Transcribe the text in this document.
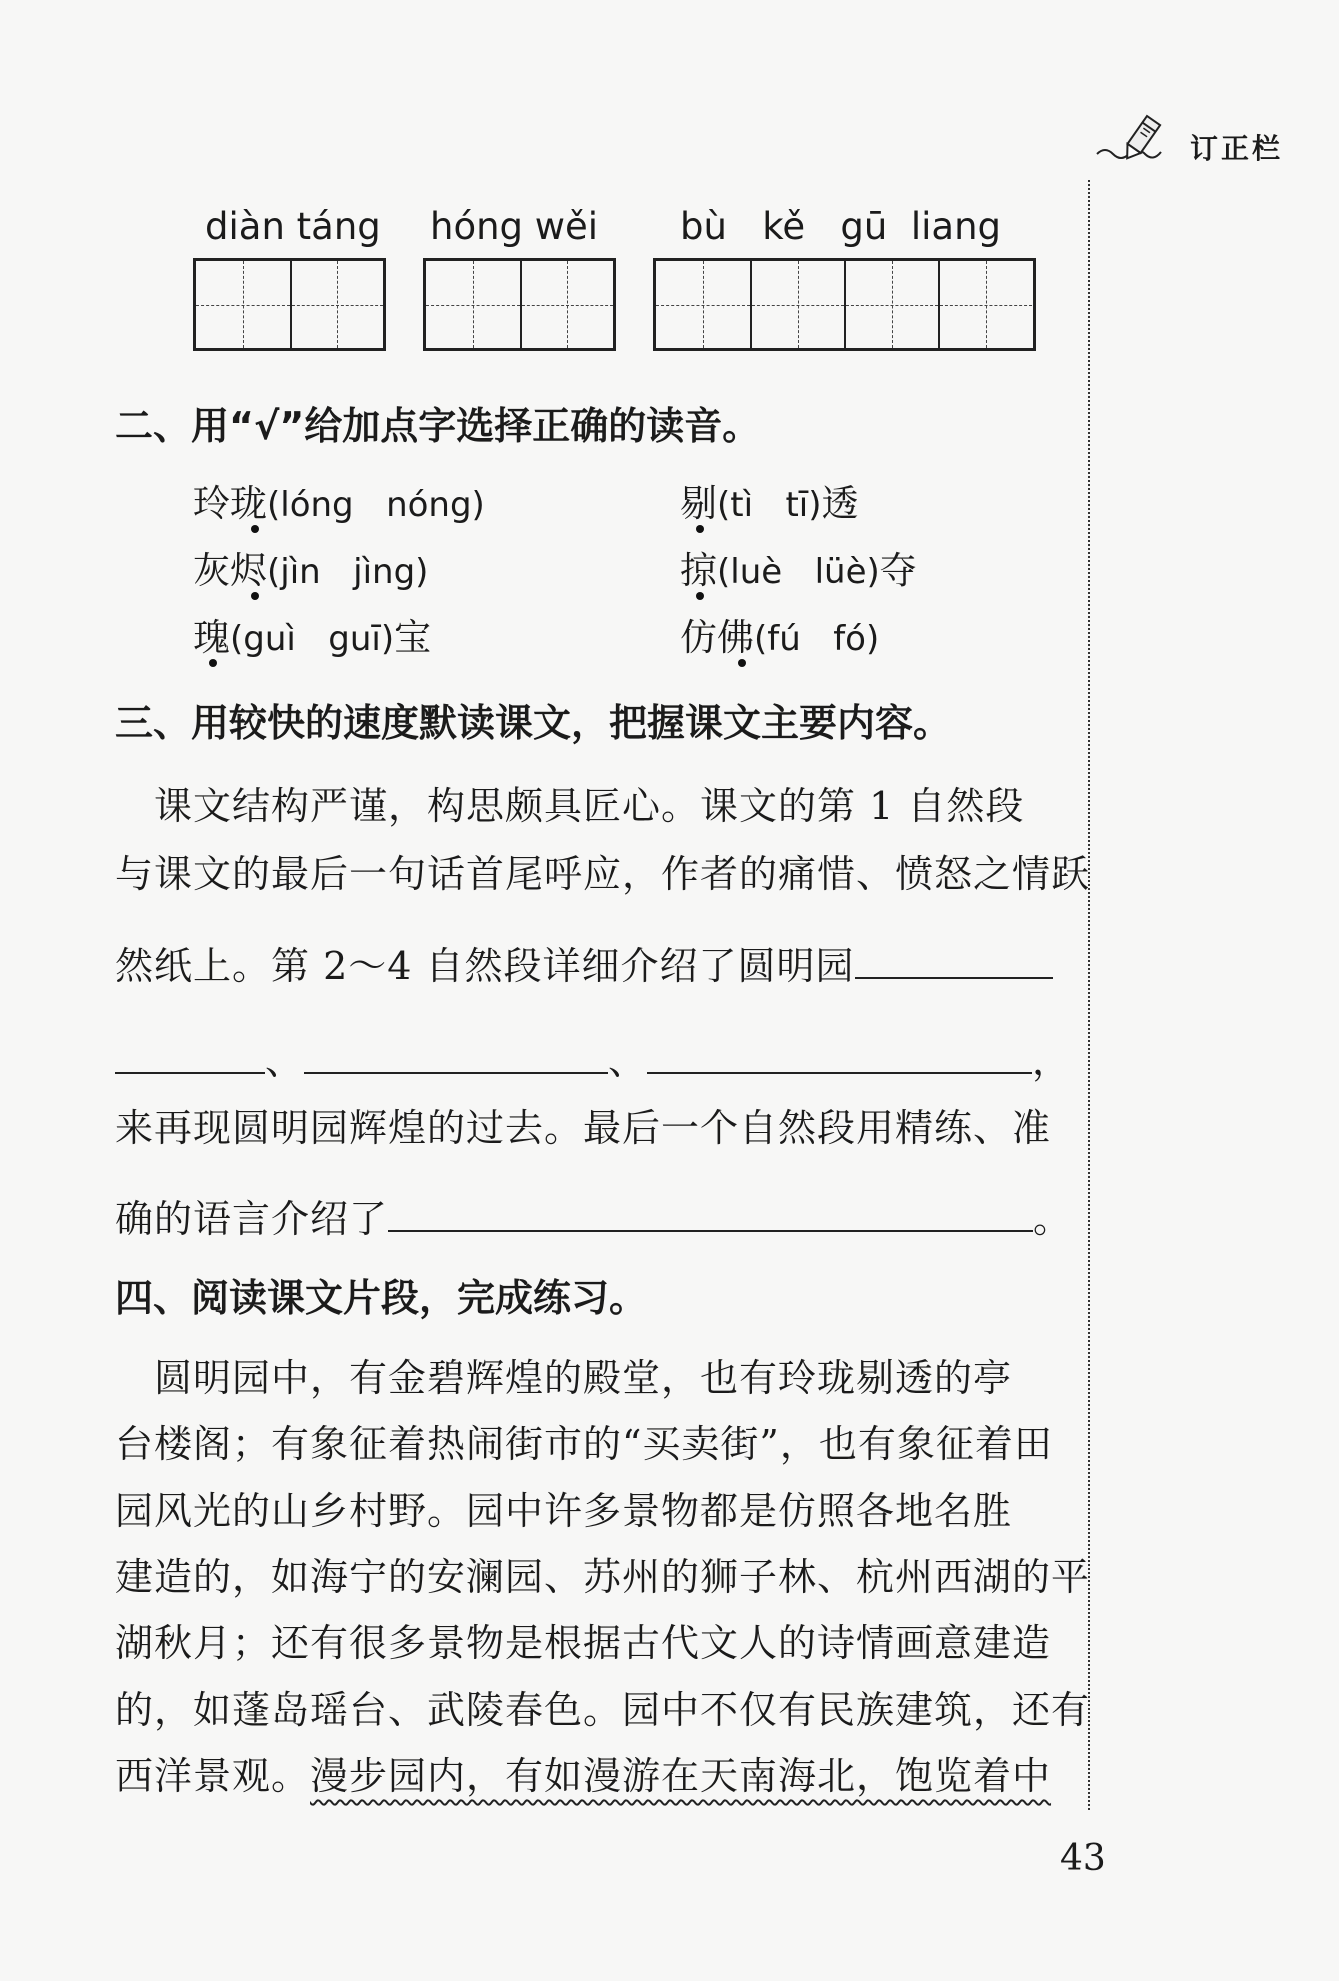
订正栏
diàn táng hóng wěi bù   kě   gū  liang
二、用“√”给加点字选择正确的读音。
玲珑(lóng   nóng)	剔(tì   tī)透
灰烬(jìn   jìng)	掠(luè   lüè)夺
瑰(guì   guī)宝	仿佛(fú   fó)
三、用较快的速度默读课文，把握课文主要内容。
　课文结构严谨，构思颇具匠心。课文的第 1 自然段
与课文的最后一句话首尾呼应，作者的痛惜、愤怒之情跃
然纸上。第 2～4 自然段详细介绍了圆明园
、	、	，
来再现圆明园辉煌的过去。最后一个自然段用精练、准
确的语言介绍了	。
四、阅读课文片段，完成练习。
　圆明园中，有金碧辉煌的殿堂，也有玲珑剔透的亭
台楼阁；有象征着热闹街市的“买卖街”，也有象征着田
园风光的山乡村野。园中许多景物都是仿照各地名胜
建造的，如海宁的安澜园、苏州的狮子林、杭州西湖的平
湖秋月；还有很多景物是根据古代文人的诗情画意建造
的，如蓬岛瑶台、武陵春色。园中不仅有民族建筑，还有
西洋景观。漫步园内，有如漫游在天南海北，饱览着中
43
